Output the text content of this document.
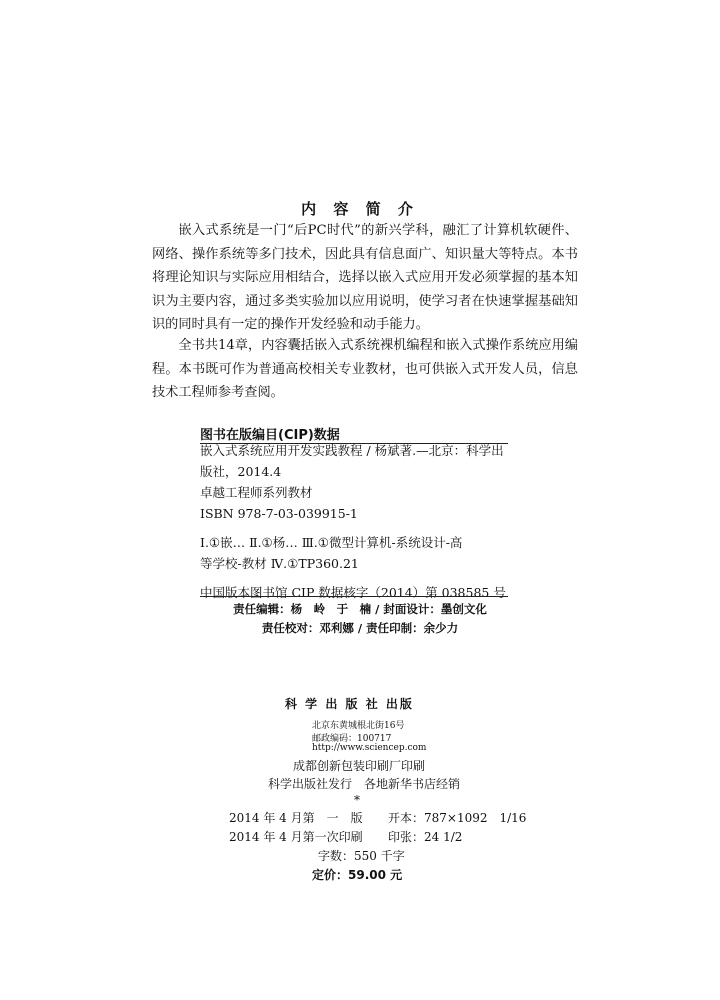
内 容 简 介
嵌入式系统是一门“后PC时代”的新兴学科，融汇了计算机软硬件、网络、操作系统等多门技术，因此具有信息面广、知识量大等特点。本书将理论知识与实际应用相结合，选择以嵌入式应用开发必须掌握的基本知识为主要内容，通过多类实验加以应用说明，使学习者在快速掌握基础知识的同时具有一定的操作开发经验和动手能力。
全书共14章，内容囊括嵌入式系统裸机编程和嵌入式操作系统应用编程。本书既可作为普通高校相关专业教材，也可供嵌入式开发人员，信息技术工程师参考查阅。
图书在版编目(CIP)数据
嵌入式系统应用开发实践教程 / 杨斌著.—北京：科学出
版社，2014.4
卓越工程师系列教材
ISBN 978-7-03-039915-1
Ⅰ.①嵌… Ⅱ.①杨… Ⅲ.①微型计算机-系统设计-高
等学校-教材 Ⅳ.①TP360.21
中国版本图书馆 CIP 数据核字（2014）第 038585 号
责任编辑：杨　岭　于　楠 / 封面设计：墨创文化
责任校对：邓利娜 / 责任印制：余少力
科 学 出 版 社 出版
北京东黄城根北街16号
邮政编码：100717
http://www.sciencep.com
成都创新包装印刷厂印刷
科学出版社发行　各地新华书店经销
*
2014 年 4 月第　一　版 开本：787×1092　1/16
2014 年 4 月第一次印刷 印张：24 1/2
字数：550 千字
定价：59.00 元
